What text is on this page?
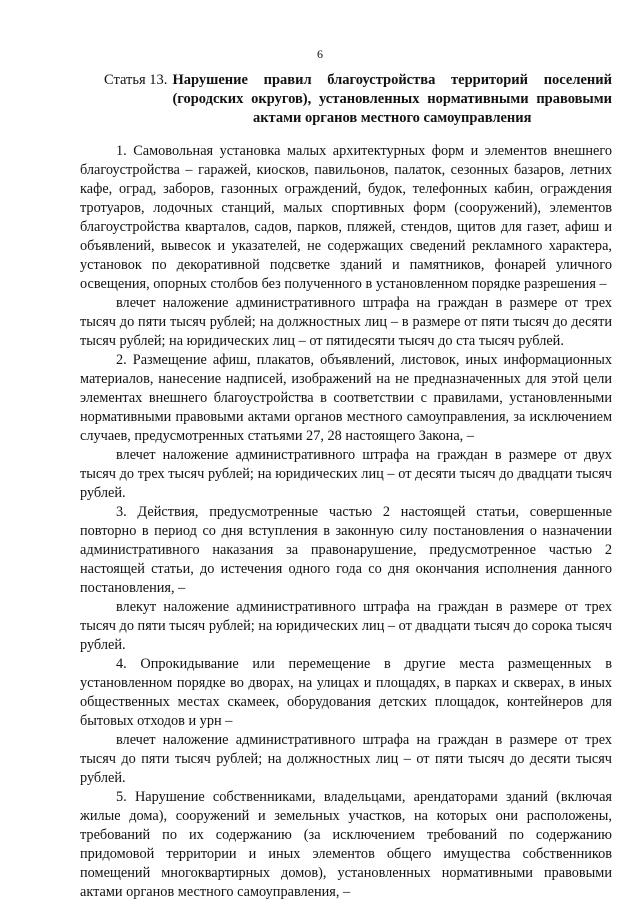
6
Статья 13. Нарушение правил благоустройства территорий поселений (городских округов), установленных нормативными правовыми актами органов местного самоуправления

1. Самовольная установка малых архитектурных форм и элементов внешнего благоустройства – гаражей, киосков, павильонов, палаток, сезонных базаров, летних кафе, оград, заборов, газонных ограждений, будок, телефонных кабин, ограждения тротуаров, лодочных станций, малых спортивных форм (сооружений), элементов благоустройства кварталов, садов, парков, пляжей, стендов, щитов для газет, афиш и объявлений, вывесок и указателей, не содержащих сведений рекламного характера, установок по декоративной подсветке зданий и памятников, фонарей уличного освещения, опорных столбов без полученного в установленном порядке разрешения –

влечет наложение административного штрафа на граждан в размере от трех тысяч до пяти тысяч рублей; на должностных лиц – в размере от пяти тысяч до десяти тысяч рублей; на юридических лиц – от пятидесяти тысяч до ста тысяч рублей.

2. Размещение афиш, плакатов, объявлений, листовок, иных информационных материалов, нанесение надписей, изображений на не предназначенных для этой цели элементах внешнего благоустройства в соответствии с правилами, установленными нормативными правовыми актами органов местного самоуправления, за исключением случаев, предусмотренных статьями 27, 28 настоящего Закона, –

влечет наложение административного штрафа на граждан в размере от двух тысяч до трех тысяч рублей; на юридических лиц – от десяти тысяч до двадцати тысяч рублей.

3. Действия, предусмотренные частью 2 настоящей статьи, совершенные повторно в период со дня вступления в законную силу постановления о назначении административного наказания за правонарушение, предусмотренное частью 2 настоящей статьи, до истечения одного года со дня окончания исполнения данного постановления, –

влекут наложение административного штрафа на граждан в размере от трех тысяч до пяти тысяч рублей; на юридических лиц – от двадцати тысяч до сорока тысяч рублей.

4. Опрокидывание или перемещение в другие места размещенных в установленном порядке во дворах, на улицах и площадях, в парках и скверах, в иных общественных местах скамеек, оборудования детских площадок, контейнеров для бытовых отходов и урн –

влечет наложение административного штрафа на граждан в размере от трех тысяч до пяти тысяч рублей; на должностных лиц – от пяти тысяч до десяти тысяч рублей.

5. Нарушение собственниками, владельцами, арендаторами зданий (включая жилые дома), сооружений и земельных участков, на которых они расположены, требований по их содержанию (за исключением требований по содержанию придомовой территории и иных элементов общего имущества собственников помещений многоквартирных домов), установленных нормативными правовыми актами органов местного самоуправления, –
